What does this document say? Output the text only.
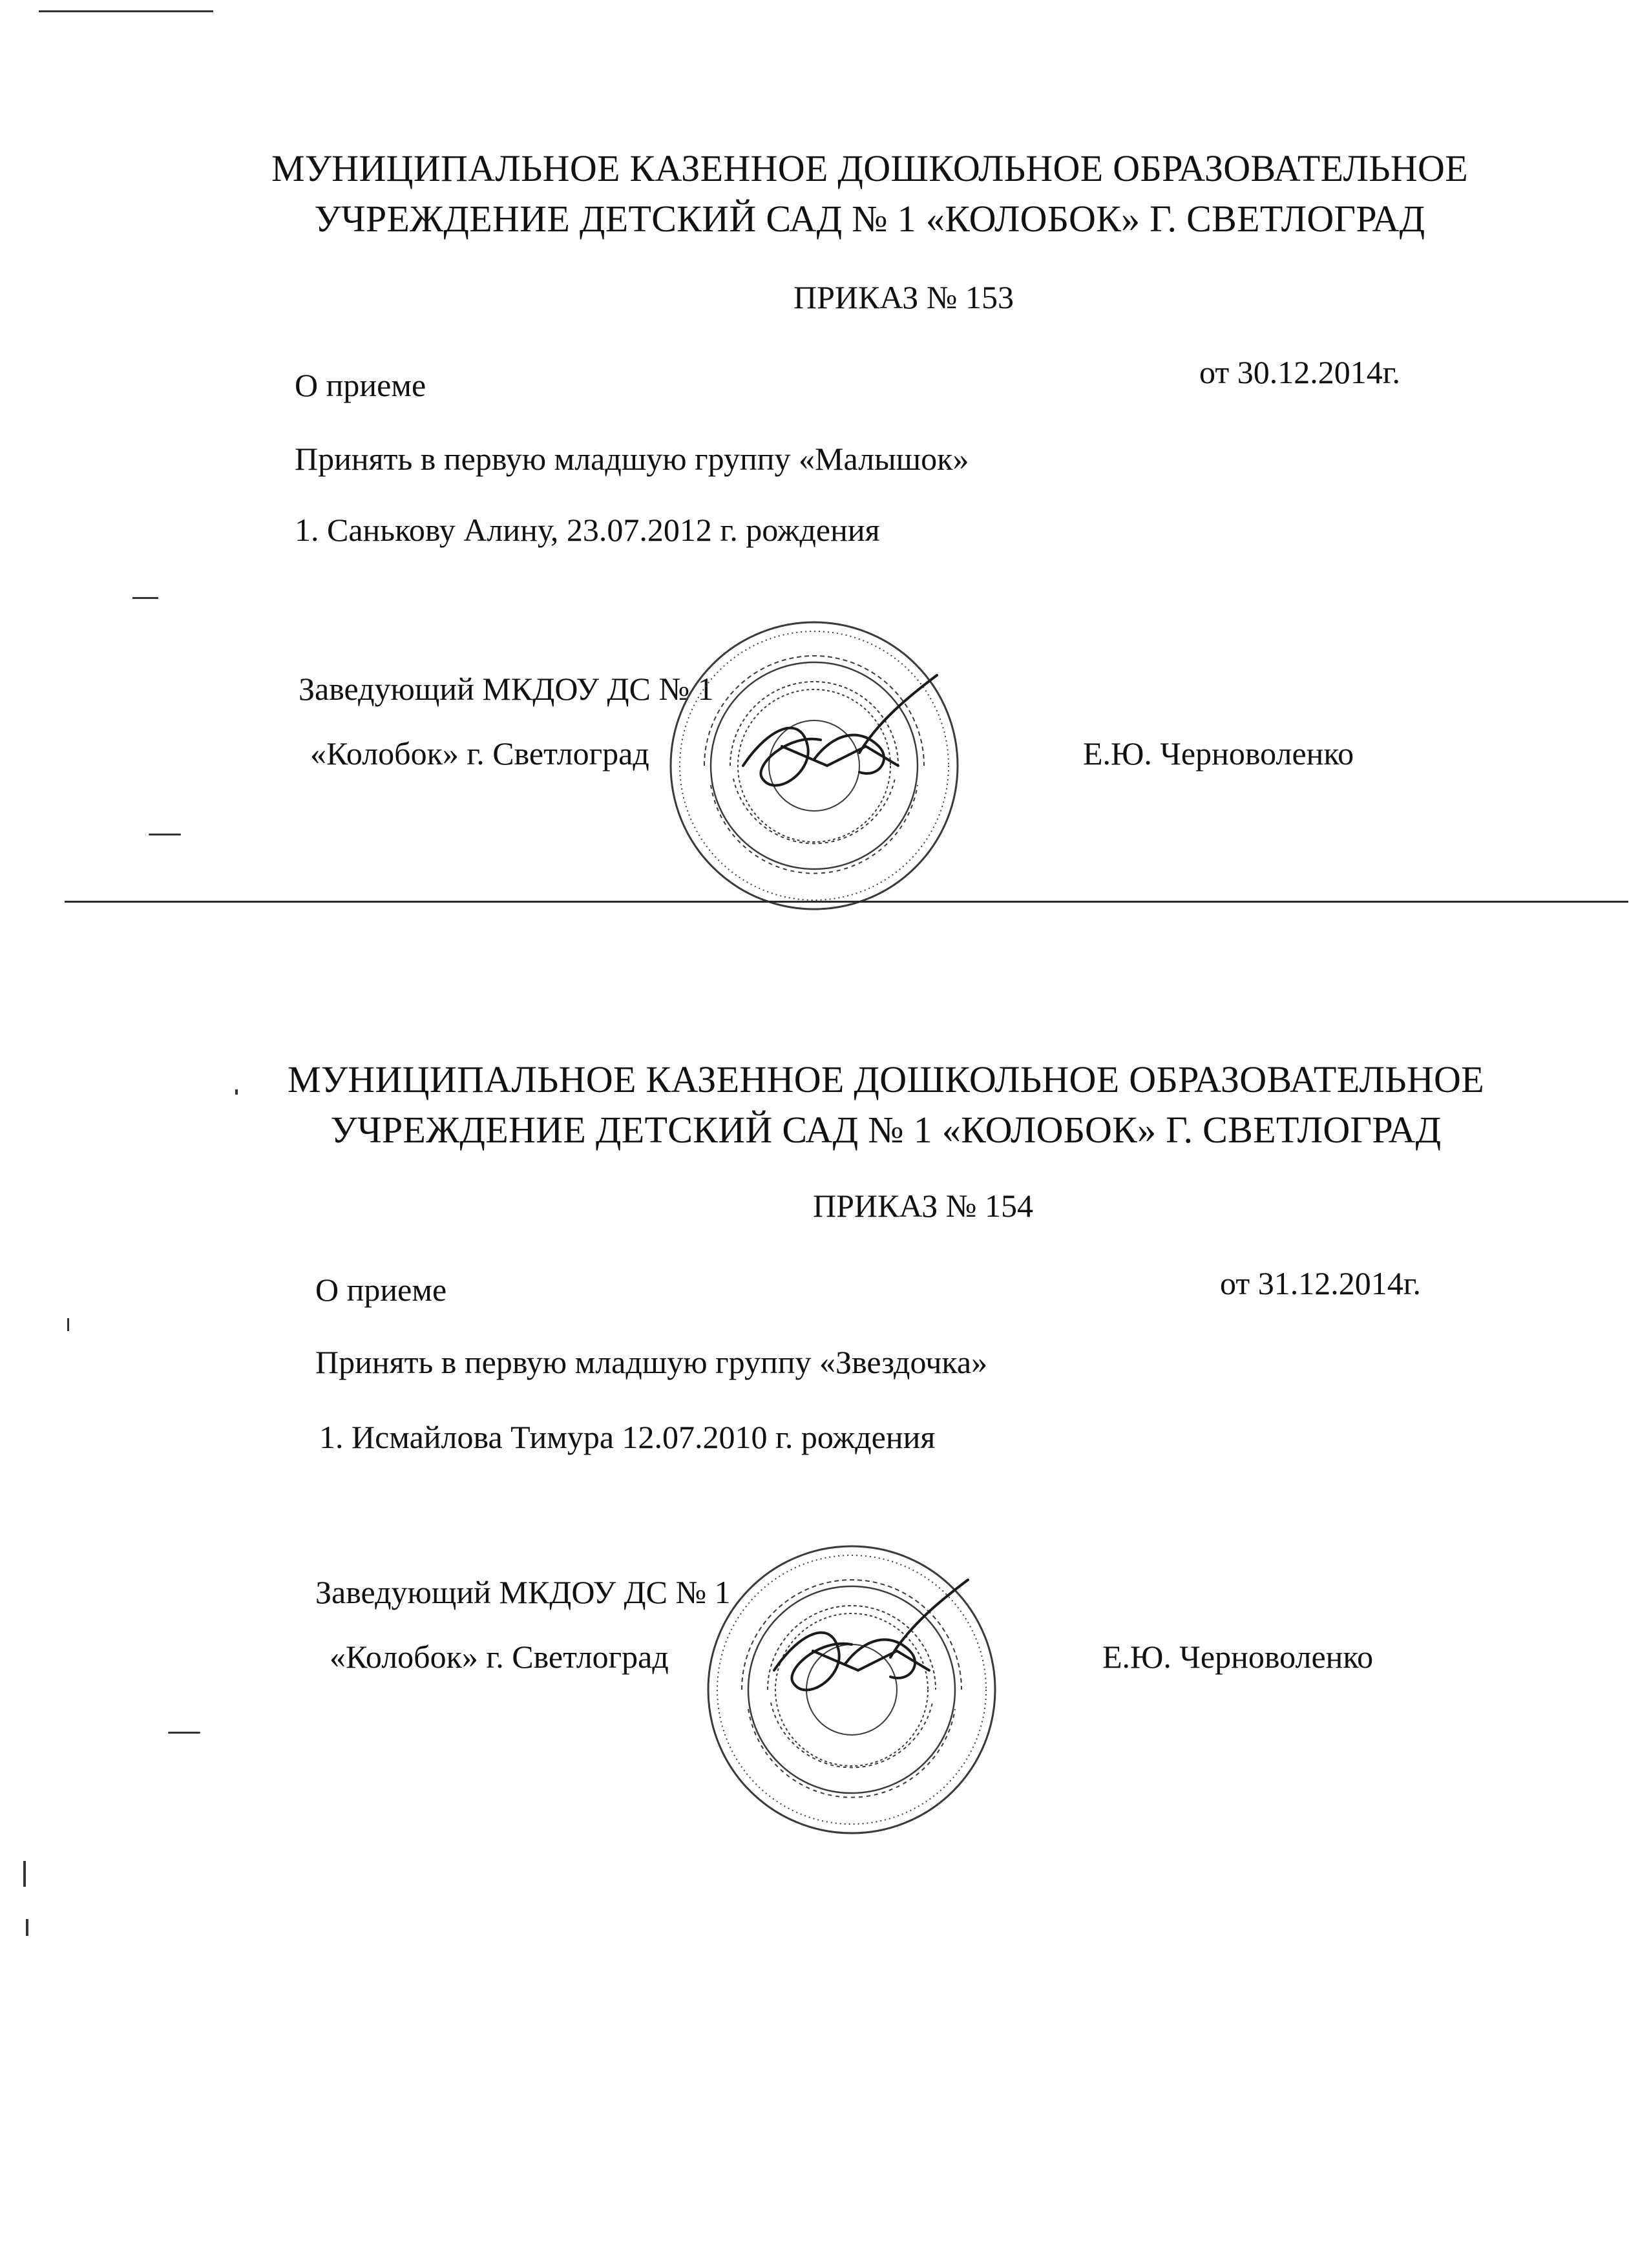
МУНИЦИПАЛЬНОЕ КАЗЕННОЕ ДОШКОЛЬНОЕ ОБРАЗОВАТЕЛЬНОЕ
УЧРЕЖДЕНИЕ ДЕТСКИЙ САД № 1 «КОЛОБОК» Г. СВЕТЛОГРАД
ПРИКАЗ № 153
О приеме	от 30.12.2014г.
Принять в первую младшую группу «Малышок»
1. Санькову Алину, 23.07.2012 г. рождения
Заведующий МКДОУ ДС № 1
«Колобок» г. Светлоград	Е.Ю. Черноволенко
МУНИЦИПАЛЬНОЕ КАЗЕННОЕ ДОШКОЛЬНОЕ ОБРАЗОВАТЕЛЬНОЕ
УЧРЕЖДЕНИЕ ДЕТСКИЙ САД № 1 «КОЛОБОК» Г. СВЕТЛОГРАД
ПРИКАЗ № 154
О приеме	от 31.12.2014г.
Принять в первую младшую группу «Звездочка»
1. Исмайлова Тимура 12.07.2010 г. рождения
Заведующий МКДОУ ДС № 1
«Колобок» г. Светлоград	Е.Ю. Черноволенко
